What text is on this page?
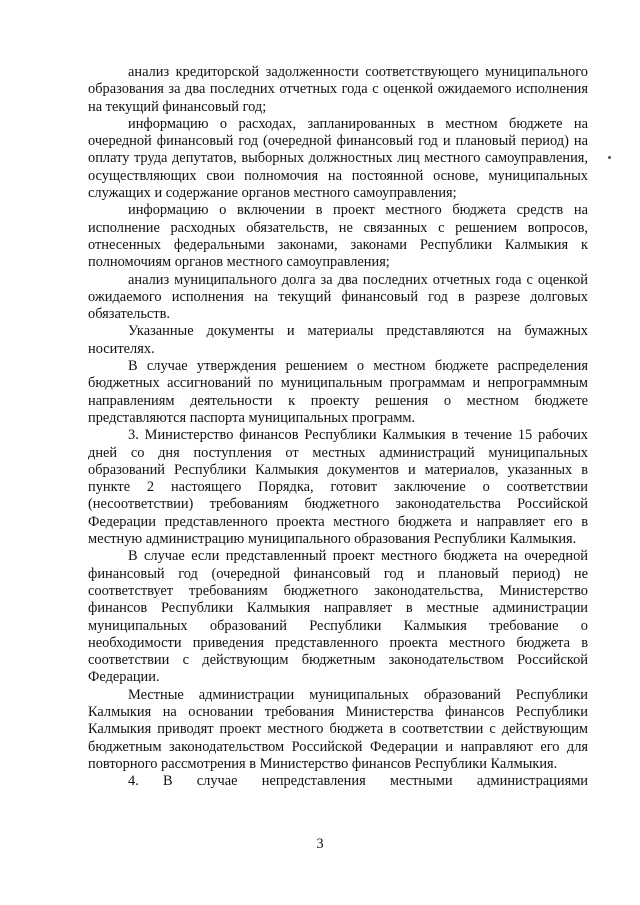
анализ кредиторской задолженности соответствующего муниципального образования за два последних отчетных года с оценкой ожидаемого исполнения на текущий финансовый год;

информацию о расходах, запланированных в местном бюджете на очередной финансовый год (очередной финансовый год и плановый период) на оплату труда депутатов, выборных должностных лиц местного самоуправления, осуществляющих свои полномочия на постоянной основе, муниципальных служащих и содержание органов местного самоуправления;

информацию о включении в проект местного бюджета средств на исполнение расходных обязательств, не связанных с решением вопросов, отнесенных федеральными законами, законами Республики Калмыкия к полномочиям органов местного самоуправления;

анализ муниципального долга за два последних отчетных года с оценкой ожидаемого исполнения на текущий финансовый год в разрезе долговых обязательств.

Указанные документы и материалы представляются на бумажных носителях.

В случае утверждения решением о местном бюджете распределения бюджетных ассигнований по муниципальным программам и непрограммным направлениям деятельности к проекту решения о местном бюджете представляются паспорта муниципальных программ.

3. Министерство финансов Республики Калмыкия в течение 15 рабочих дней со дня поступления от местных администраций муниципальных образований Республики Калмыкия документов и материалов, указанных в пункте 2 настоящего Порядка, готовит заключение о соответствии (несоответствии) требованиям бюджетного законодательства Российской Федерации представленного проекта местного бюджета и направляет его в местную администрацию муниципального образования Республики Калмыкия.

В случае если представленный проект местного бюджета на очередной финансовый год (очередной финансовый год и плановый период) не соответствует требованиям бюджетного законодательства, Министерство финансов Республики Калмыкия направляет в местные администрации муниципальных образований Республики Калмыкия требование о необходимости приведения представленного проекта местного бюджета в соответствии с действующим бюджетным законодательством Российской Федерации.

Местные администрации муниципальных образований Республики Калмыкия на основании требования Министерства финансов Республики Калмыкия приводят проект местного бюджета в соответствии с действующим бюджетным законодательством Российской Федерации и направляют его для повторного рассмотрения в Министерство финансов Республики Калмыкия.

4. В случае непредставления местными администрациями

3
